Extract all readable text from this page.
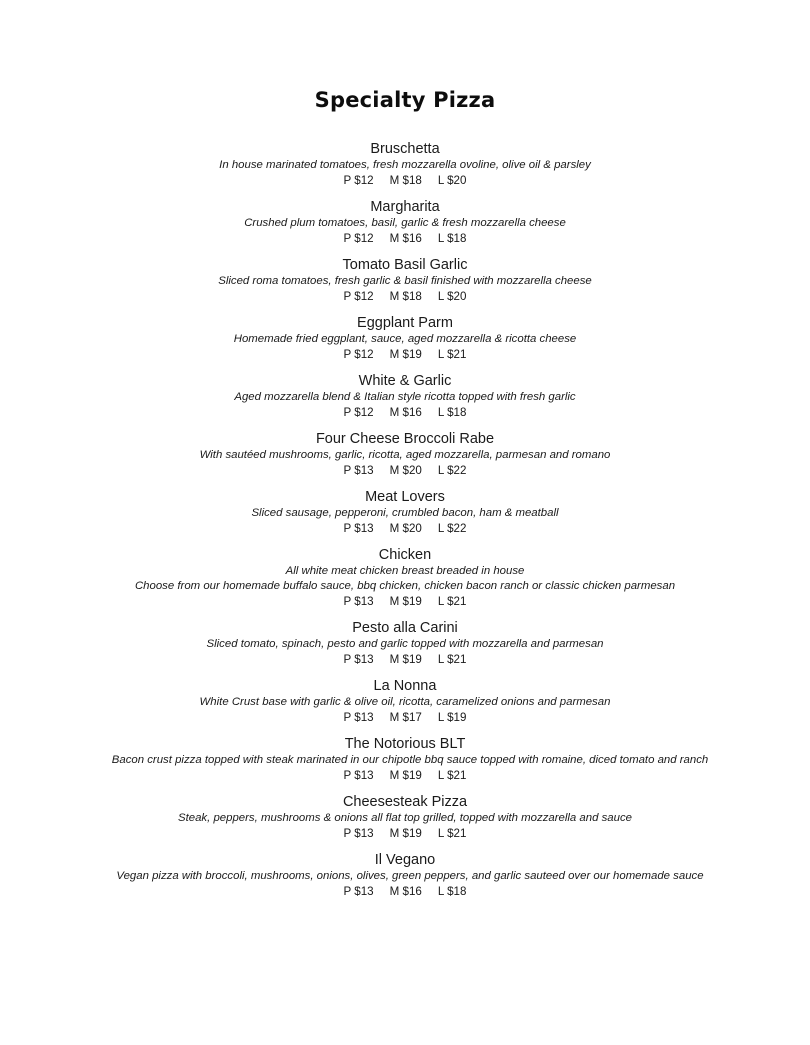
Specialty Pizza
Bruschetta
In house marinated tomatoes, fresh mozzarella ovoline, olive oil & parsley
P $12 M $18 L $20
Margharita
Crushed plum tomatoes, basil, garlic & fresh mozzarella cheese
P $12 M $16 L $18
Tomato Basil Garlic
Sliced roma tomatoes, fresh garlic & basil finished with mozzarella cheese
P $12 M $18 L $20
Eggplant Parm
Homemade fried eggplant, sauce, aged mozzarella & ricotta cheese
P $12 M $19 L $21
White & Garlic
Aged mozzarella blend & Italian style ricotta topped with fresh garlic
P $12 M $16 L $18
Four Cheese Broccoli Rabe
With sautéed mushrooms, garlic, ricotta, aged mozzarella, parmesan and romano
P $13 M $20 L $22
Meat Lovers
Sliced sausage, pepperoni, crumbled bacon, ham & meatball
P $13 M $20 L $22
Chicken
All white meat chicken breast breaded in house
Choose from our homemade buffalo sauce, bbq chicken, chicken bacon ranch or classic chicken parmesan
P $13 M $19 L $21
Pesto alla Carini
Sliced tomato, spinach, pesto and garlic topped with mozzarella and parmesan
P $13 M $19 L $21
La Nonna
White Crust base with garlic & olive oil, ricotta, caramelized onions and parmesan
P $13 M $17 L $19
The Notorious BLT
Bacon crust pizza topped with steak marinated in our chipotle bbq sauce topped with romaine, diced tomato and ranch
P $13 M $19 L $21
Cheesesteak Pizza
Steak, peppers, mushrooms & onions all flat top grilled, topped with mozzarella and sauce
P $13 M $19 L $21
Il Vegano
Vegan pizza with broccoli, mushrooms, onions, olives, green peppers, and garlic sauteed over our homemade sauce
P $13 M $16 L $18
